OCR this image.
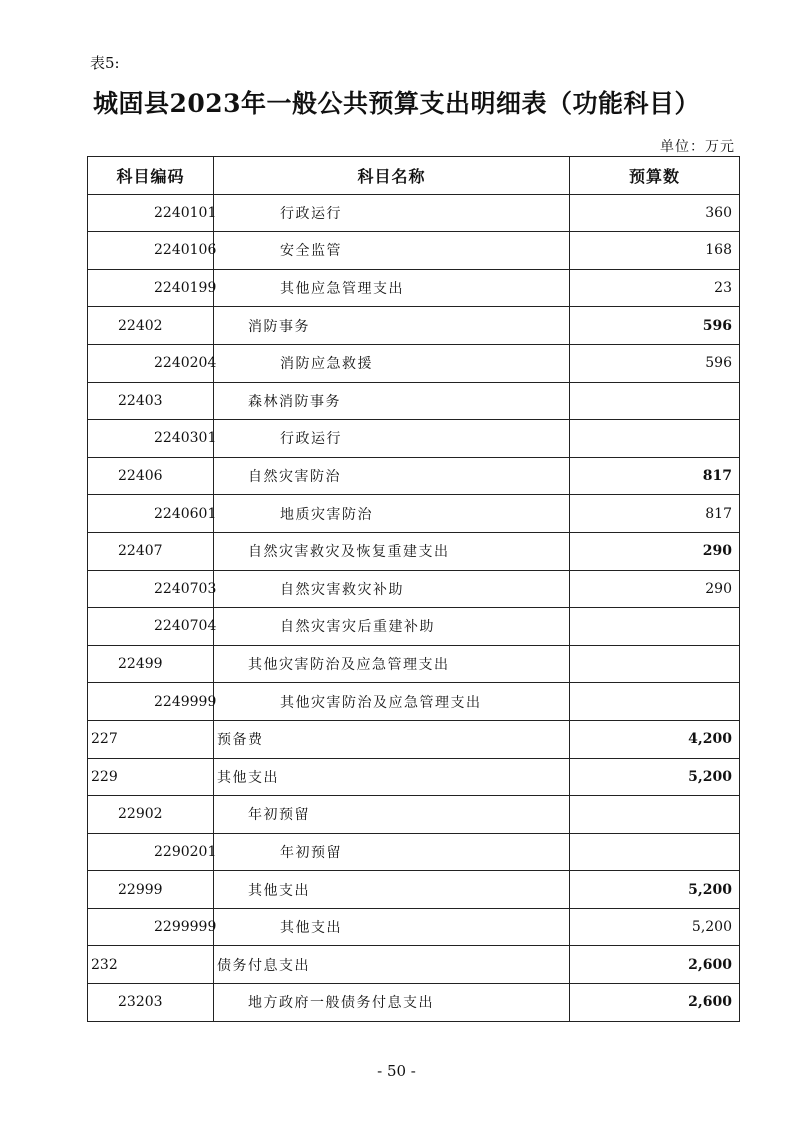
表5:
城固县2023年一般公共预算支出明细表（功能科目）
单位：万元
科目编码	科目名称	预算数
2240101	行政运行	360
2240106	安全监管	168
2240199	其他应急管理支出	23
22402	消防事务	596
2240204	消防应急救援	596
22403	森林消防事务	
2240301	行政运行	
22406	自然灾害防治	817
2240601	地质灾害防治	817
22407	自然灾害救灾及恢复重建支出	290
2240703	自然灾害救灾补助	290
2240704	自然灾害灾后重建补助	
22499	其他灾害防治及应急管理支出	
2249999	其他灾害防治及应急管理支出	
227	预备费	4,200
229	其他支出	5,200
22902	年初预留	
2290201	年初预留	
22999	其他支出	5,200
2299999	其他支出	5,200
232	债务付息支出	2,600
23203	地方政府一般债务付息支出	2,600
- 50 -
